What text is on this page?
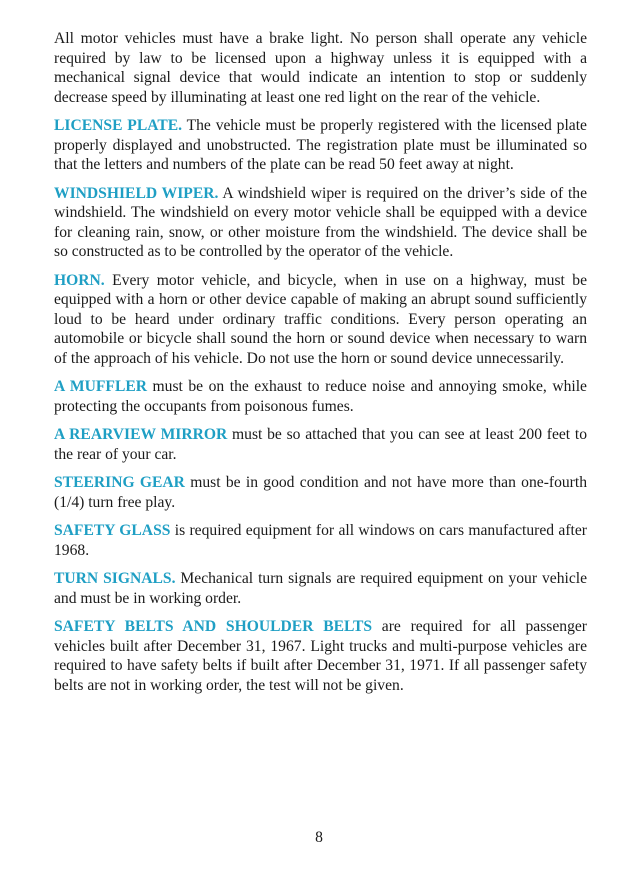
All motor vehicles must have a brake light. No person shall operate any vehicle required by law to be licensed upon a highway unless it is equipped with a mechanical signal device that would indicate an intention to stop or suddenly decrease speed by illuminating at least one red light on the rear of the vehicle.

LICENSE PLATE. The vehicle must be properly registered with the licensed plate properly displayed and unobstructed. The registration plate must be illuminated so that the letters and numbers of the plate can be read 50 feet away at night.

WINDSHIELD WIPER. A windshield wiper is required on the driver’s side of the windshield. The windshield on every motor vehicle shall be equipped with a device for cleaning rain, snow, or other moisture from the windshield. The device shall be so constructed as to be controlled by the operator of the vehicle.

HORN. Every motor vehicle, and bicycle, when in use on a highway, must be equipped with a horn or other device capable of making an abrupt sound sufficiently loud to be heard under ordinary traffic conditions. Every person operating an automobile or bicycle shall sound the horn or sound device when necessary to warn of the approach of his vehicle. Do not use the horn or sound device unnecessarily.

A MUFFLER must be on the exhaust to reduce noise and annoying smoke, while protecting the occupants from poisonous fumes.

A REARVIEW MIRROR must be so attached that you can see at least 200 feet to the rear of your car.

STEERING GEAR must be in good condition and not have more than one-fourth (1/4) turn free play.

SAFETY GLASS is required equipment for all windows on cars manufactured after 1968.

TURN SIGNALS. Mechanical turn signals are required equipment on your vehicle and must be in working order.

SAFETY BELTS AND SHOULDER BELTS are required for all passenger vehicles built after December 31, 1967. Light trucks and multi-purpose vehicles are required to have safety belts if built after December 31, 1971. If all passenger safety belts are not in working order, the test will not be given.

8
